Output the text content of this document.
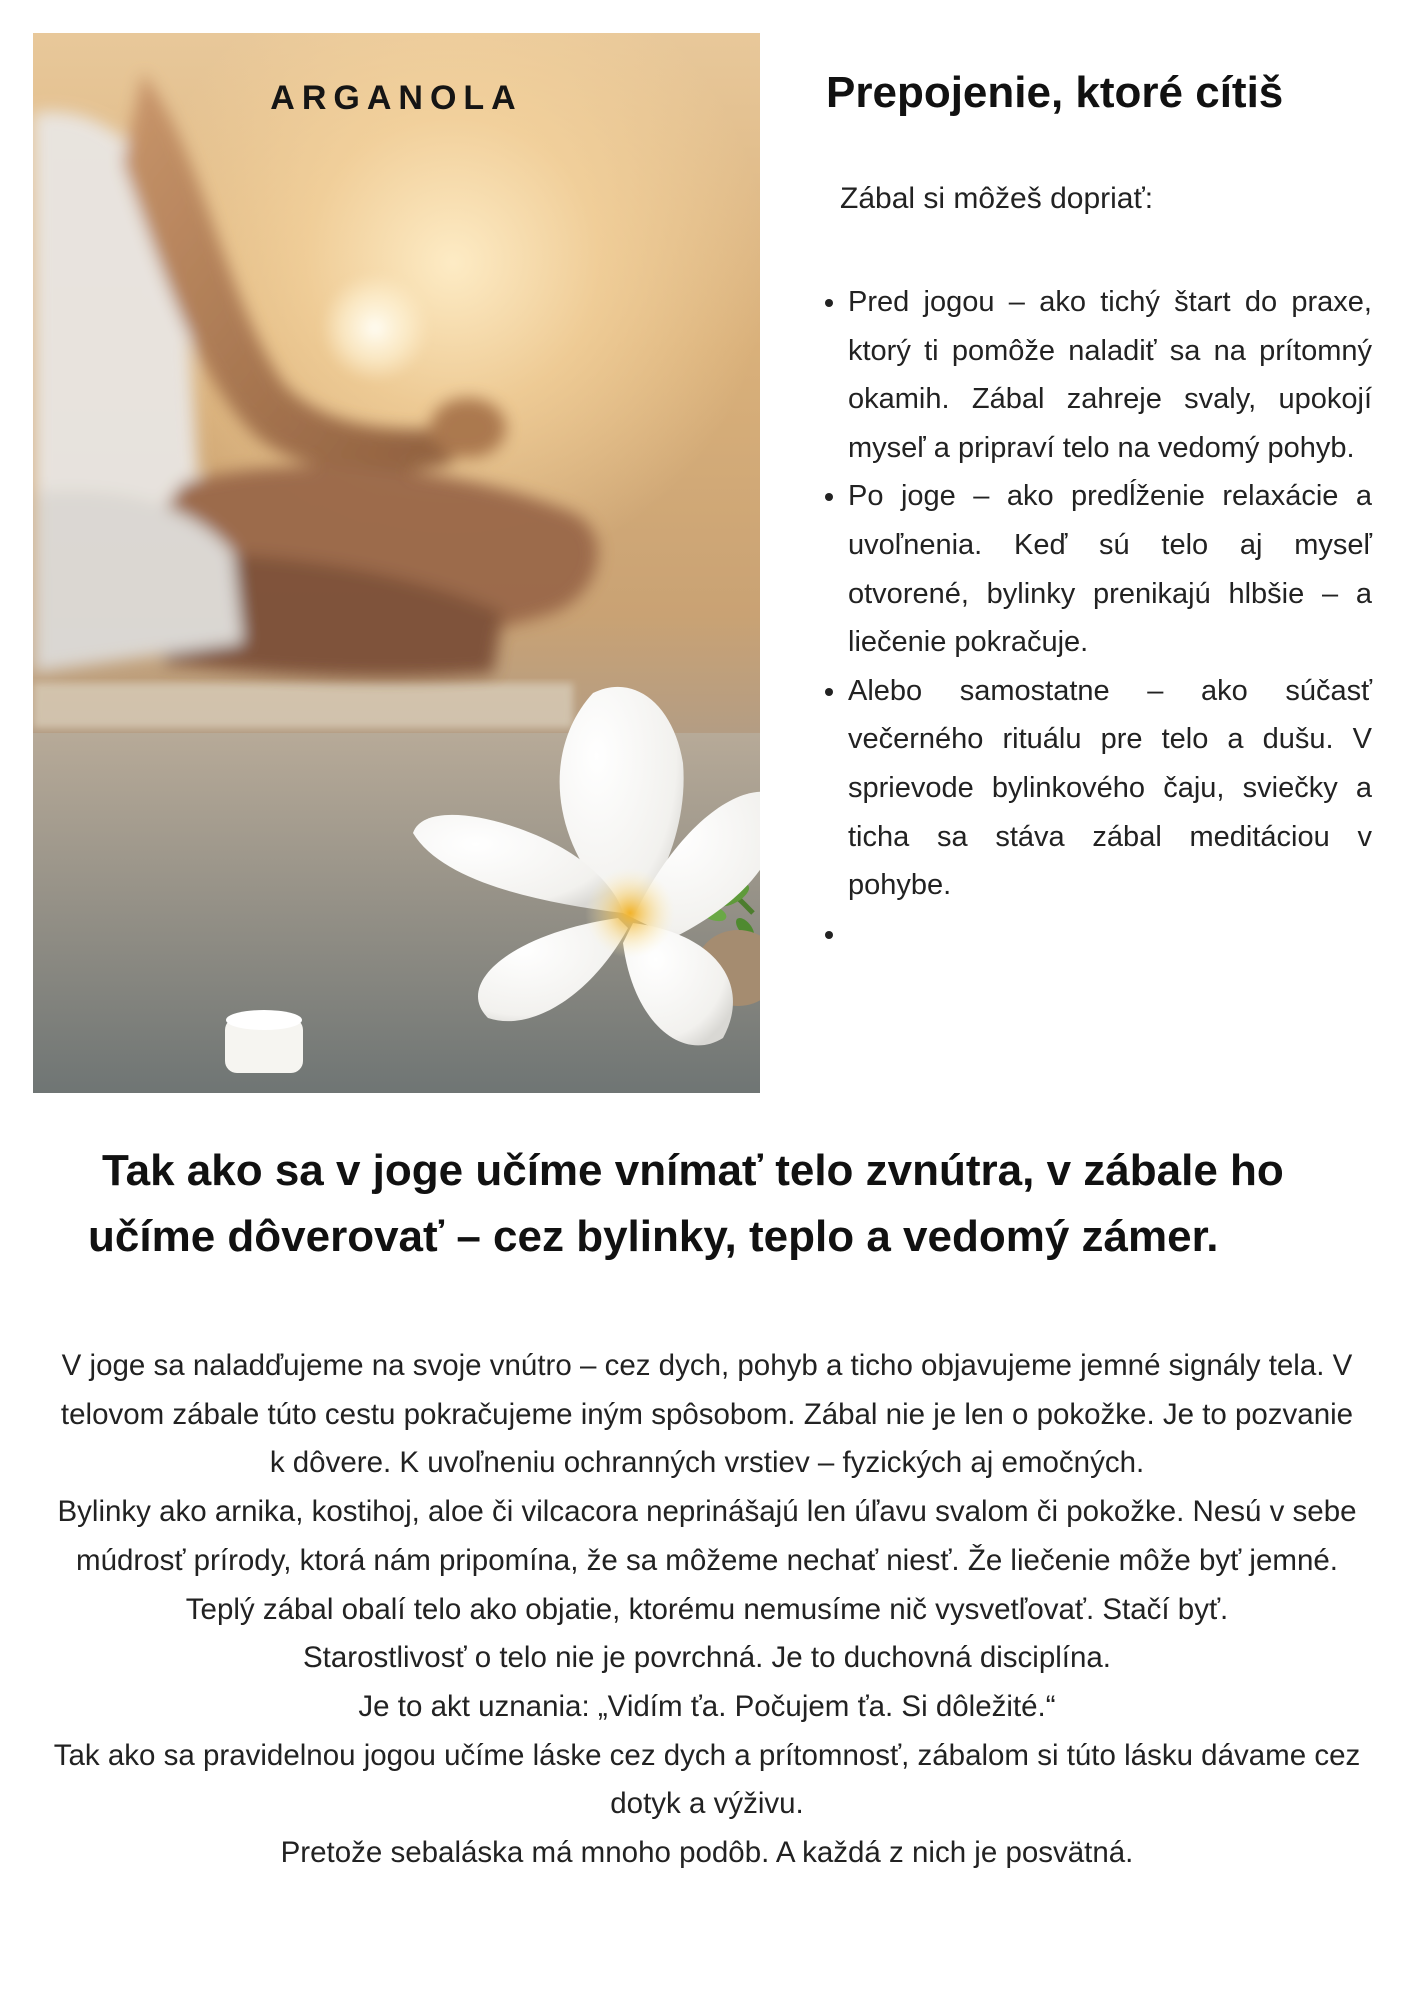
ARGANOLA	Prepojenie, ktoré cítiš
Zábal si môžeš dopriať:
• Pred jogou – ako tichý štart do praxe, ktorý ti pomôže naladiť sa na prítomný okamih. Zábal zahreje svaly, upokojí myseľ a pripraví telo na vedomý pohyb.
• Po joge – ako predĺženie relaxácie a uvoľnenia. Keď sú telo aj myseľ otvorené, bylinky prenikajú hlbšie – a liečenie pokračuje.
• Alebo samostatne – ako súčasť večerného rituálu pre telo a dušu. V sprievode bylinkového čaju, sviečky a ticha sa stáva zábal meditáciou v pohybe.
•
Tak ako sa v joge učíme vnímať telo zvnútra, v zábale ho učíme dôverovať – cez bylinky, teplo a vedomý zámer.

V joge sa naladďujeme na svoje vnútro – cez dych, pohyb a ticho objavujeme jemné signály tela. V telovom zábale túto cestu pokračujeme iným spôsobom. Zábal nie je len o pokožke. Je to pozvanie k dôvere. K uvoľneniu ochranných vrstiev – fyzických aj emočných.

Bylinky ako arnika, kostihoj, aloe či vilcacora neprinášajú len úľavu svalom či pokožke. Nesú v sebe múdrosť prírody, ktorá nám pripomína, že sa môžeme nechať niesť. Že liečenie môže byť jemné. Teplý zábal obalí telo ako objatie, ktorému nemusíme nič vysvetľovať. Stačí byť.

Starostlivosť o telo nie je povrchná. Je to duchovná disciplína.

Je to akt uznania: „Vidím ťa. Počujem ťa. Si dôležité.“

Tak ako sa pravidelnou jogou učíme láske cez dych a prítomnosť, zábalom si túto lásku dávame cez dotyk a výživu.

Pretože sebaláska má mnoho podôb. A každá z nich je posvätná.
